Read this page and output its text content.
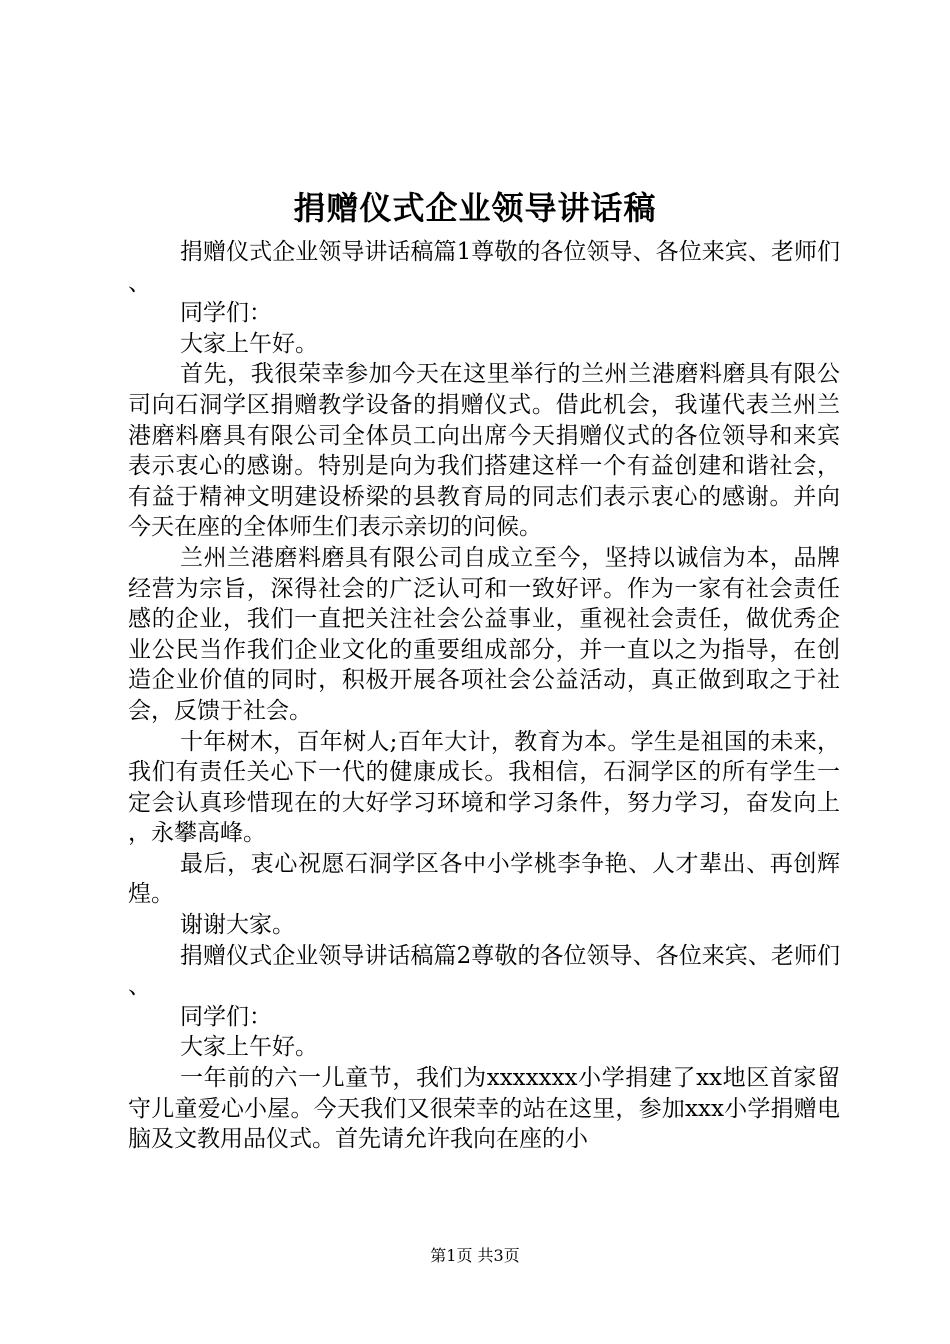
捐赠仪式企业领导讲话稿

捐赠仪式企业领导讲话稿篇1尊敬的各位领导、各位来宾、老师们、

同学们：

大家上午好。

首先，我很荣幸参加今天在这里举行的兰州兰港磨料磨具有限公司向石洞学区捐赠教学设备的捐赠仪式。借此机会，我谨代表兰州兰港磨料磨具有限公司全体员工向出席今天捐赠仪式的各位领导和来宾表示衷心的感谢。特别是向为我们搭建这样一个有益创建和谐社会，有益于精神文明建设桥梁的县教育局的同志们表示衷心的感谢。并向今天在座的全体师生们表示亲切的问候。

兰州兰港磨料磨具有限公司自成立至今，坚持以诚信为本，品牌经营为宗旨，深得社会的广泛认可和一致好评。作为一家有社会责任感的企业，我们一直把关注社会公益事业，重视社会责任，做优秀企业公民当作我们企业文化的重要组成部分，并一直以之为指导，在创造企业价值的同时，积极开展各项社会公益活动，真正做到取之于社会，反馈于社会。

十年树木，百年树人;百年大计，教育为本。学生是祖国的未来，我们有责任关心下一代的健康成长。我相信，石洞学区的所有学生一定会认真珍惜现在的大好学习环境和学习条件，努力学习，奋发向上，永攀高峰。

最后，衷心祝愿石洞学区各中小学桃李争艳、人才辈出、再创辉煌。

谢谢大家。

捐赠仪式企业领导讲话稿篇2尊敬的各位领导、各位来宾、老师们、

同学们：

大家上午好。

一年前的六一儿童节，我们为xxxxxxx小学捐建了xx地区首家留守儿童爱心小屋。今天我们又很荣幸的站在这里，参加xxx小学捐赠电脑及文教用品仪式。首先请允许我向在座的小

第1页 共3页
